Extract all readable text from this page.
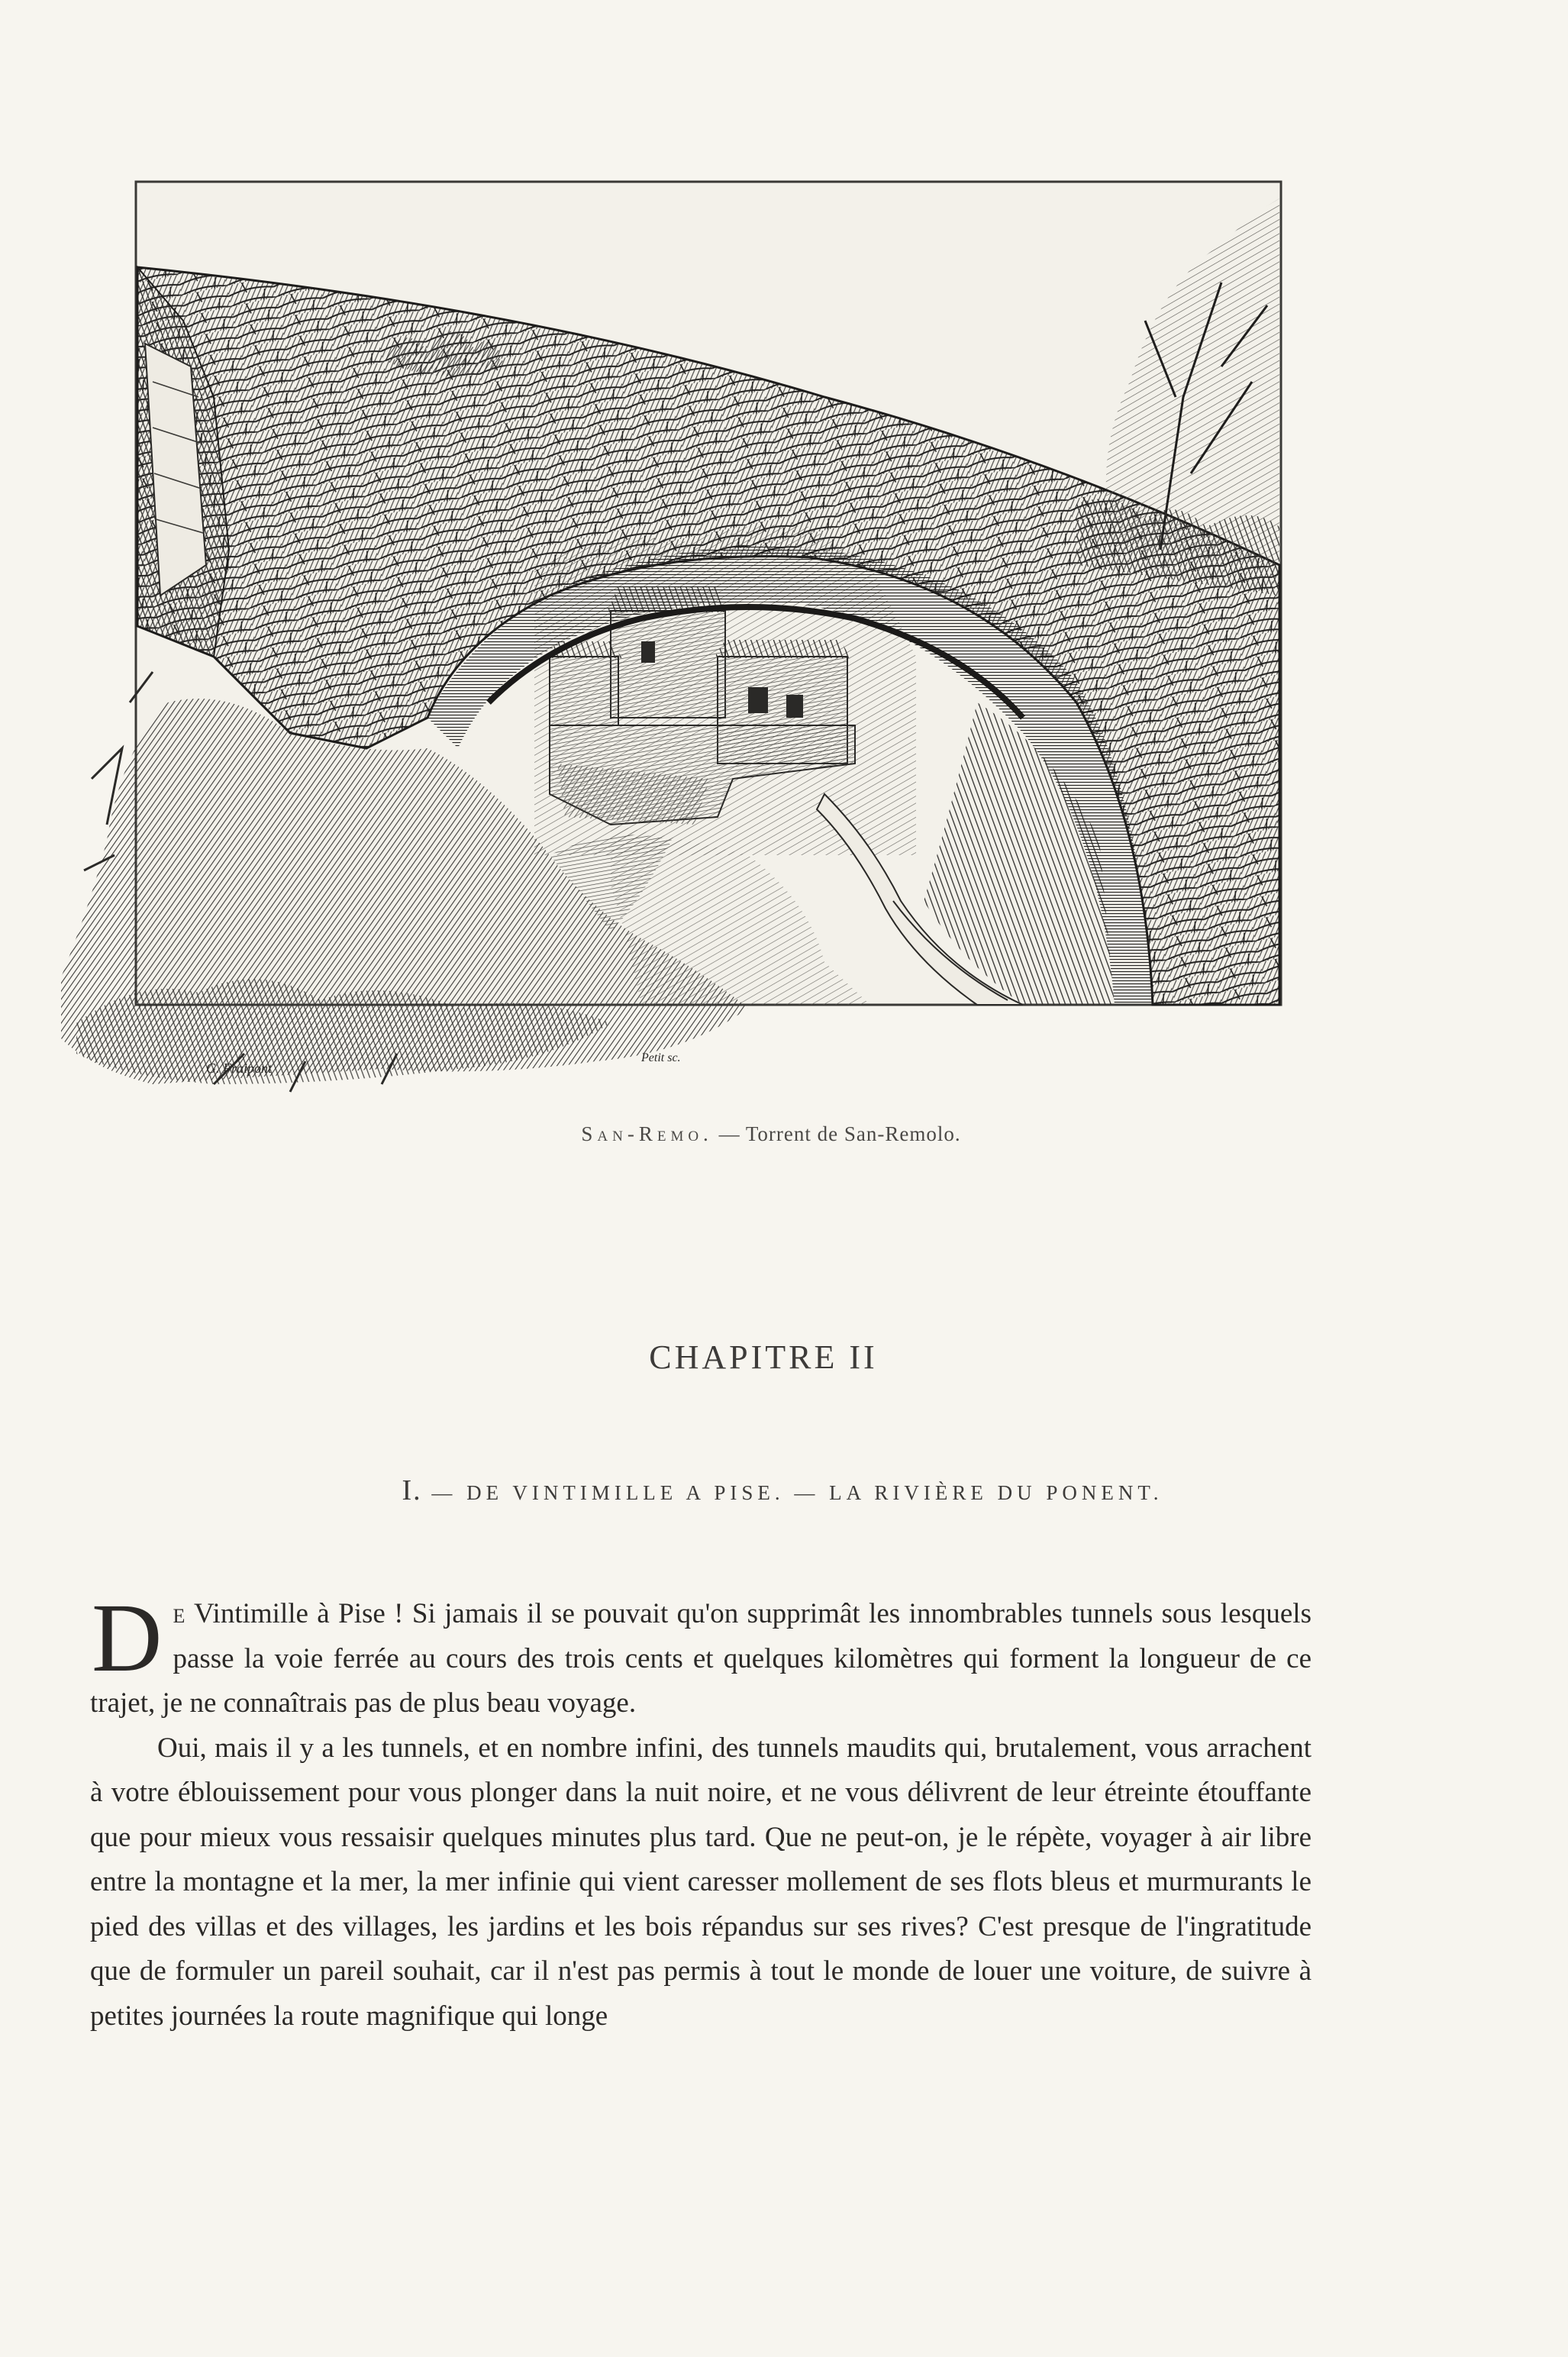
G. Fraipont
Petit sc.
San-Remo. — Torrent de San-Remolo.
CHAPITRE II
I. — DE VINTIMILLE A PISE. — LA RIVIÈRE DU PONENT.

De Vintimille à Pise ! Si jamais il se pouvait qu'on supprimât les innombrables tunnels sous lesquels passe la voie ferrée au cours des trois cents et quelques kilomètres qui forment la longueur de ce trajet, je ne connaîtrais pas de plus beau voyage.

Oui, mais il y a les tunnels, et en nombre infini, des tunnels maudits qui, brutalement, vous arrachent à votre éblouissement pour vous plonger dans la nuit noire, et ne vous délivrent de leur étreinte étouffante que pour mieux vous ressaisir quelques minutes plus tard. Que ne peut-on, je le répète, voyager à air libre entre la montagne et la mer, la mer infinie qui vient caresser mollement de ses flots bleus et murmurants le pied des villas et des villages, les jardins et les bois répandus sur ses rives? C'est presque de l'ingratitude que de formuler un pareil souhait, car il n'est pas permis à tout le monde de louer une voiture, de suivre à petites journées la route magnifique qui longe
